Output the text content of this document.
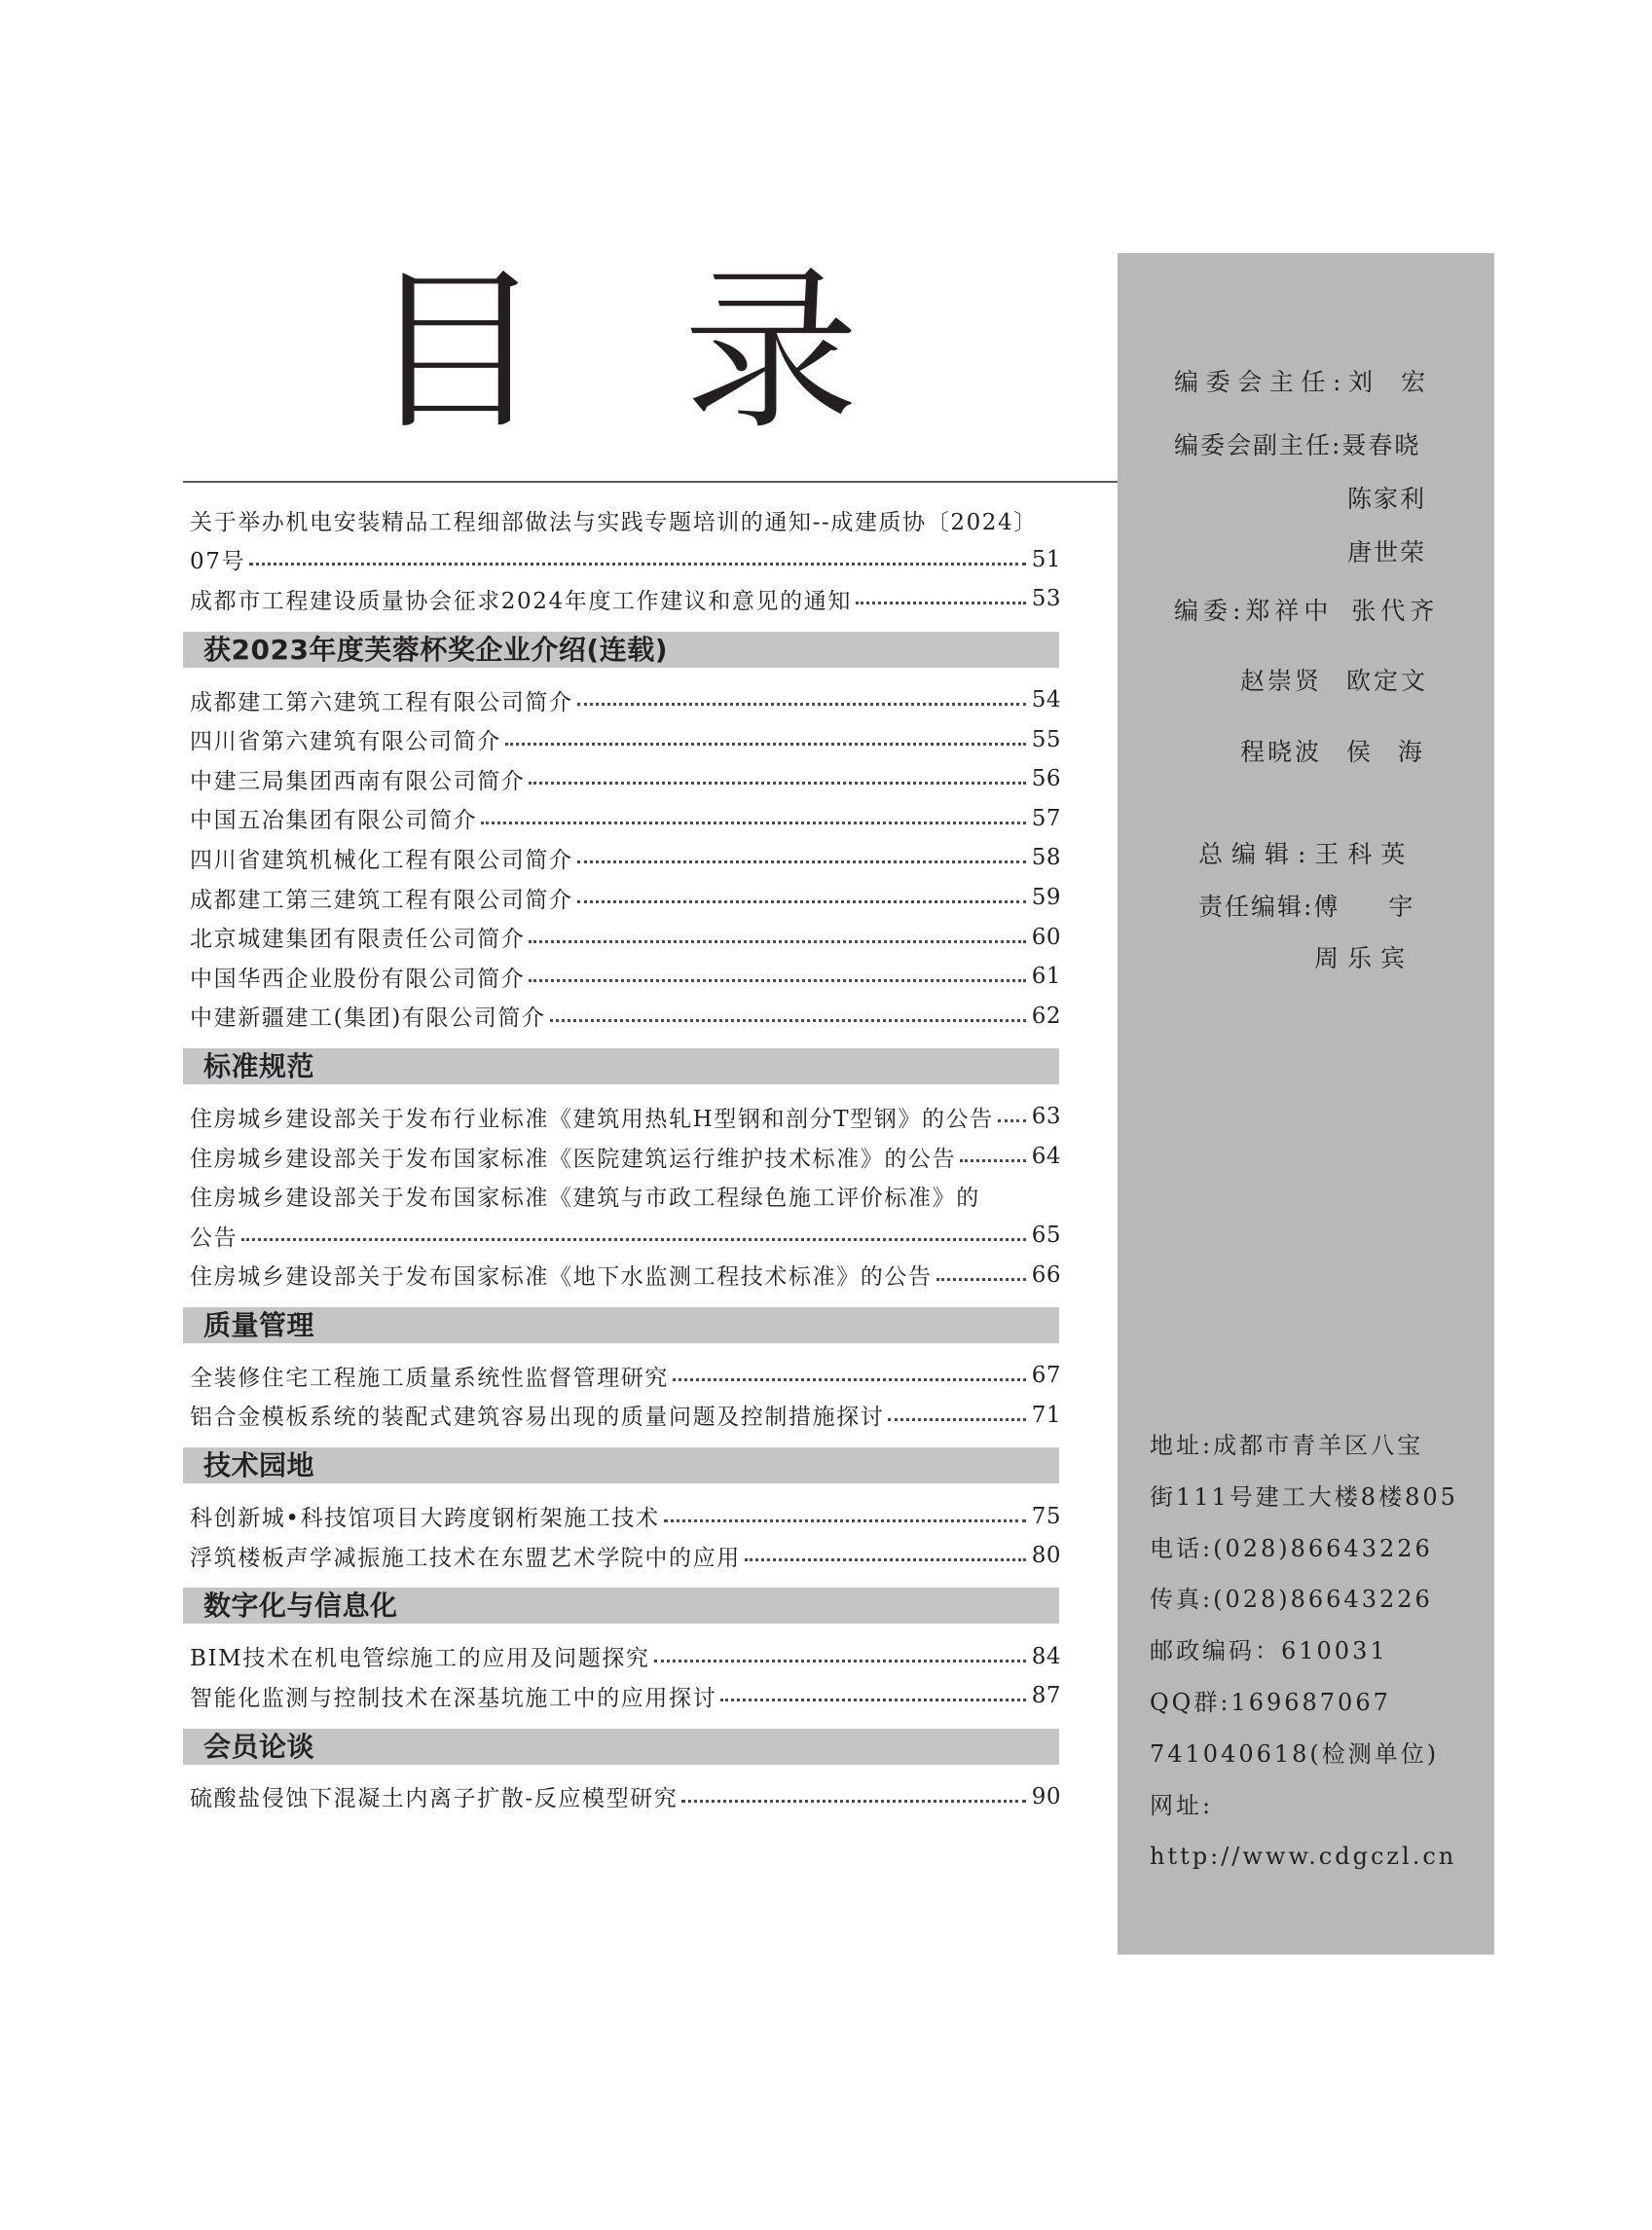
目 录
关于举办机电安装精品工程细部做法与实践专题培训的通知--成建质协〔2024〕
07号	51
成都市工程建设质量协会征求2024年度工作建议和意见的通知	53
获2023年度芙蓉杯奖企业介绍(连载)
成都建工第六建筑工程有限公司简介	54
四川省第六建筑有限公司简介	55
中建三局集团西南有限公司简介	56
中国五冶集团有限公司简介	57
四川省建筑机械化工程有限公司简介	58
成都建工第三建筑工程有限公司简介	59
北京城建集团有限责任公司简介	60
中国华西企业股份有限公司简介	61
中建新疆建工(集团)有限公司简介	62
标准规范
住房城乡建设部关于发布行业标准《建筑用热轧H型钢和剖分T型钢》的公告 63
住房城乡建设部关于发布国家标准《医院建筑运行维护技术标准》的公告	64
住房城乡建设部关于发布国家标准《建筑与市政工程绿色施工评价标准》的
公告	65
住房城乡建设部关于发布国家标准《地下水监测工程技术标准》的公告	66
质量管理
全装修住宅工程施工质量系统性监督管理研究	67
铝合金模板系统的装配式建筑容易出现的质量问题及控制措施探讨	71
技术园地
科创新城•科技馆项目大跨度钢桁架施工技术	75
浮筑楼板声学减振施工技术在东盟艺术学院中的应用	80
数字化与信息化
BIM技术在机电管综施工的应用及问题探究	84
智能化监测与控制技术在深基坑施工中的应用探讨	87
会员论谈
硫酸盐侵蚀下混凝土内离子扩散-反应模型研究	90
编委会主任:刘 宏
编委会副主任:聂春晓
陈家利
唐世荣
编委:郑祥中 张代齐
赵崇贤 欧定文
程晓波 侯 海
总编辑:王科英
责任编辑:傅 宇
周乐宾
地址:成都市青羊区八宝
街111号建工大楼8楼805
电话:(028)86643226
传真:(028)86643226
邮政编码：610031
QQ群:169687067
741040618(检测单位)
网址:
http://www.cdgczl.cn
